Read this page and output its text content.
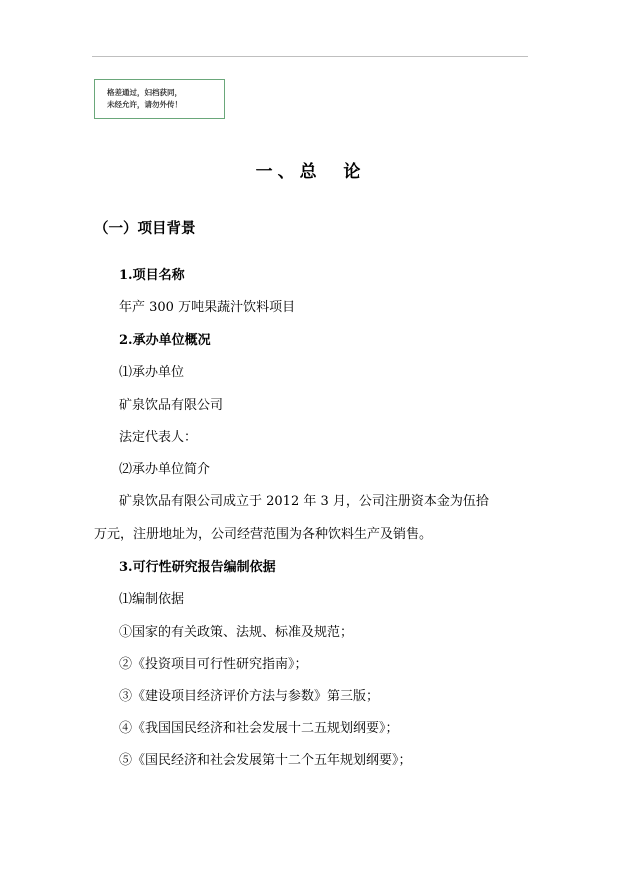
格差通过，妇档获同，
未经允许，请勿外传！
一、总  论
（一）项目背景
1.项目名称
年产 300 万吨果蔬汁饮料项目
2.承办单位概况
⑴承办单位
矿泉饮品有限公司
法定代表人：
⑵承办单位简介
矿泉饮品有限公司成立于 2012 年 3 月，公司注册资本金为伍拾
万元，注册地址为，公司经营范围为各种饮料生产及销售。
3.可行性研究报告编制依据
⑴编制依据
①国家的有关政策、法规、标准及规范；
②《投资项目可行性研究指南》；
③《建设项目经济评价方法与参数》第三版；
④《我国国民经济和社会发展十二五规划纲要》；
⑤《国民经济和社会发展第十二个五年规划纲要》；
